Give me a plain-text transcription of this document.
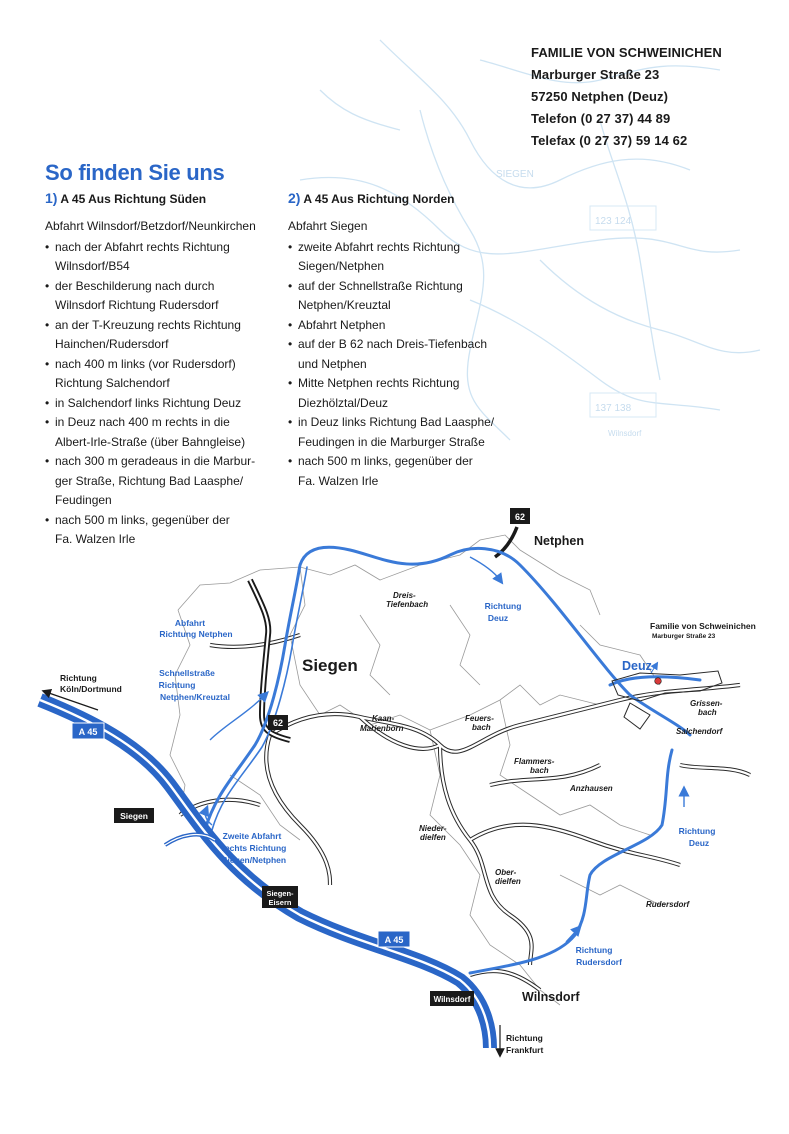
SIEGEN
123 124
137 138
Wilnsdorf
FAMILIE VON SCHWEINICHEN
Marburger Straße 23
57250 Netphen (Deuz)
Telefon (0 27 37) 44 89
Telefax (0 27 37) 59 14 62
So finden Sie uns
1) A 45 Aus Richtung Süden	2) A 45 Aus Richtung Norden
Abfahrt Wilnsdorf/Betzdorf/Neunkirchen
• nach der Abfahrt rechts Richtung
Wilnsdorf/B54
• der Beschilderung nach durch
Wilnsdorf Richtung Rudersdorf
• an der T-Kreuzung rechts Richtung
Hainchen/Rudersdorf
• nach 400 m links (vor Rudersdorf)
Richtung Salchendorf
• in Salchendorf links Richtung Deuz
• in Deuz nach 400 m rechts in die
Albert-Irle-Straße (über Bahngleise)
• nach 300 m geradeaus in die Marbur-
ger Straße, Richtung Bad Laasphe/
Feudingen
• nach 500 m links, gegenüber der
Fa. Walzen Irle
Abfahrt Siegen
• zweite Abfahrt rechts Richtung
Siegen/Netphen
• auf der Schnellstraße Richtung
Netphen/Kreuztal
• Abfahrt Netphen
• auf der B 62 nach Dreis-Tiefenbach
und Netphen
• Mitte Netphen rechts Richtung
Diezhölztal/Deuz
• in Deuz links Richtung Bad Laasphe/
Feudingen in die Marburger Straße
• nach 500 m links, gegenüber der
Fa. Walzen Irle
62
62
A 45
A 45
Siegen
Siegen-
Eisern
Wilnsdorf
Siegen
Netphen
Deuz
Wilnsdorf
Dreis-
Tiefenbach
Kaan-
Marienborn
Feuers-
bach
Flammers-
bach
Anzhausen
Nieder-
dielfen
Ober-
dielfen
Rudersdorf
Salchendorf
Grissen-
bach
Familie von Schweinichen
Marburger Straße 23
Abfahrt
Richtung Netphen
Schnellstraße
Richtung
Netphen/Kreuztal
Zweite Abfahrt
rechts Richtung
Siegen/Netphen
Richtung
Deuz
Richtung
Deuz
Richtung
Rudersdorf
Richtung
Köln/Dortmund
Richtung
Frankfurt
